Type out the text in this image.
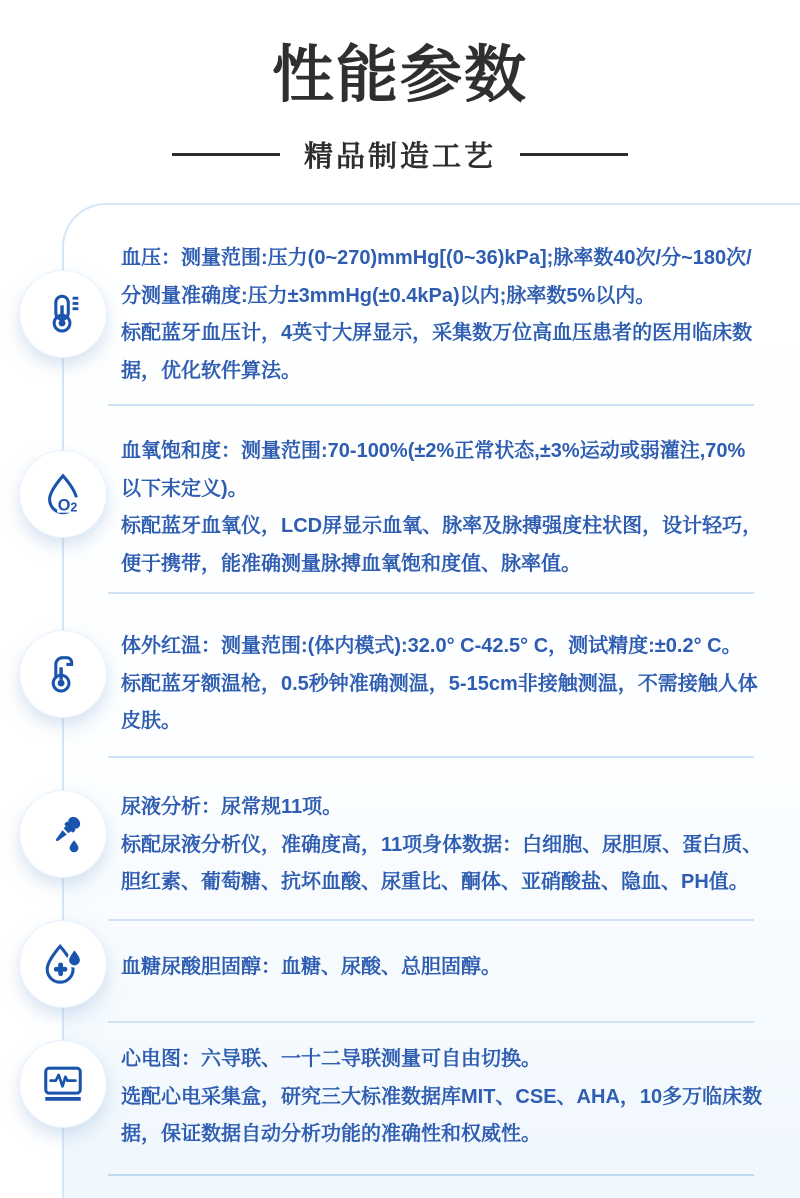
性能参数
精品制造工艺
血压：测量范围:压力(0~270)mmHg[(0~36)kPa];脉率数40次/分~180次/
分测量准确度:压力±3mmHg(±0.4kPa)以内;脉率数5%以内。
标配蓝牙血压计，4英寸大屏显示，采集数万位高血压患者的医用临床数
据，优化软件算法。
血氧饱和度：测量范围:70-100%(±2%正常状态,±3%运动或弱灌注,70%
以下末定义)。
标配蓝牙血氧仪，LCD屏显示血氧、脉率及脉搏强度柱状图，设计轻巧，
便于携带，能准确测量脉搏血氧饱和度值、脉率值。
体外红温：测量范围:(体内模式):32.0° C-42.5° C，测试精度:±0.2° C。
标配蓝牙额温枪，0.5秒钟准确测温，5-15cm非接触测温，不需接触人体
皮肤。
尿液分析：尿常规11项。
标配尿液分析仪，准确度高，11项身体数据：白细胞、尿胆原、蛋白质、
胆红素、葡萄糖、抗坏血酸、尿重比、酮体、亚硝酸盐、隐血、PH值。
血糖尿酸胆固醇：血糖、尿酸、总胆固醇。
心电图：六导联、一十二导联测量可自由切换。
选配心电采集盒，研究三大标准数据库MIT、CSE、AHA，10多万临床数
据，保证数据自动分析功能的准确性和权威性。
O2
